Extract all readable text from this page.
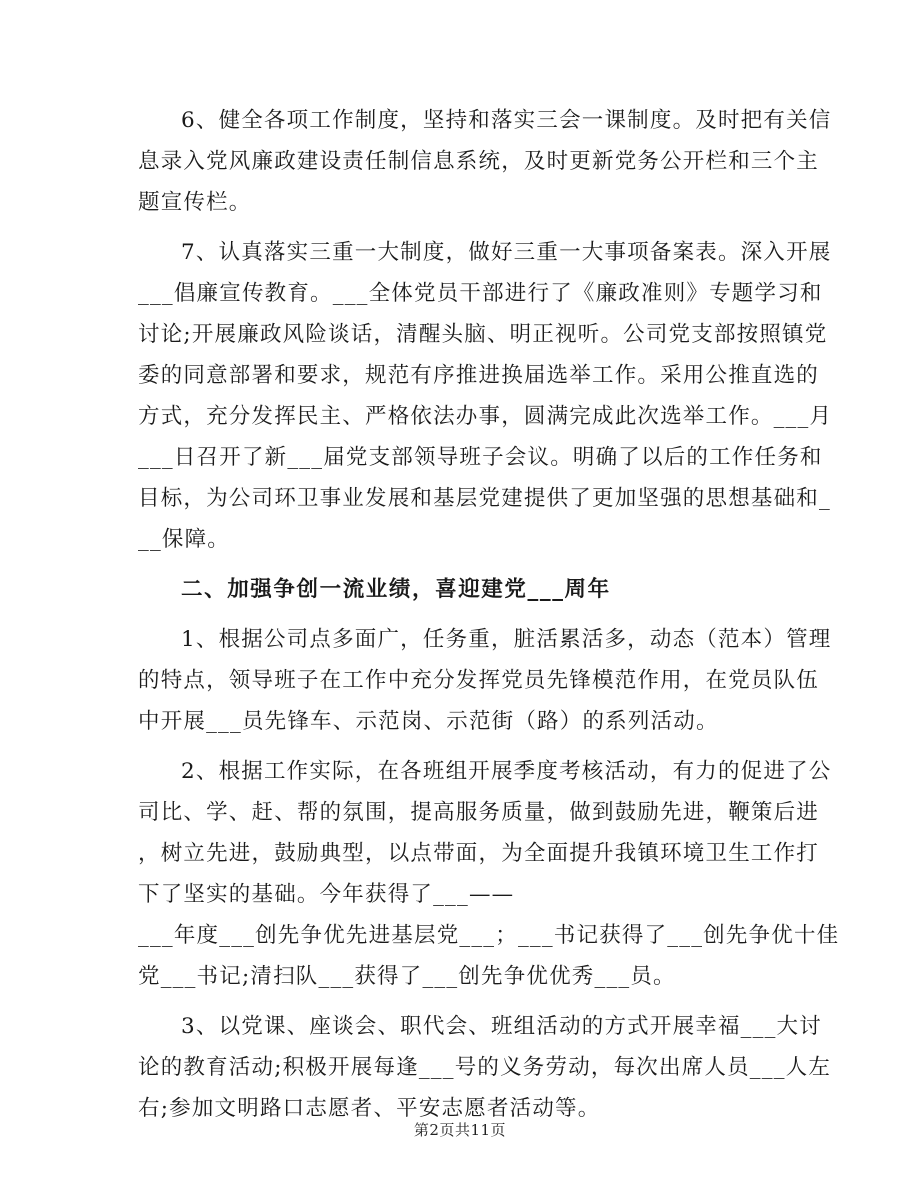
6、健全各项工作制度，坚持和落实三会一课制度。及时把有关信
息录入党风廉政建设责任制信息系统，及时更新党务公开栏和三个主
题宣传栏。
7、认真落实三重一大制度，做好三重一大事项备案表。深入开展
___倡廉宣传教育。___全体党员干部进行了《廉政准则》专题学习和
讨论;开展廉政风险谈话，清醒头脑、明正视听。公司党支部按照镇党
委的同意部署和要求，规范有序推进换届选举工作。采用公推直选的
方式，充分发挥民主、严格依法办事，圆满完成此次选举工作。___月
___日召开了新___届党支部领导班子会议。明确了以后的工作任务和
目标，为公司环卫事业发展和基层党建提供了更加坚强的思想基础和_
__保障。
二、加强争创一流业绩，喜迎建党___周年
1、根据公司点多面广，任务重，脏活累活多，动态（范本）管理
的特点，领导班子在工作中充分发挥党员先锋模范作用，在党员队伍
中开展___员先锋车、示范岗、示范街（路）的系列活动。
2、根据工作实际，在各班组开展季度考核活动，有力的促进了公
司比、学、赶、帮的氛围，提高服务质量，做到鼓励先进，鞭策后进
，树立先进，鼓励典型，以点带面，为全面提升我镇环境卫生工作打
下了坚实的基础。今年获得了___——
___年度___创先争优先进基层党___；___书记获得了___创先争优十佳
党___书记;清扫队___获得了___创先争优优秀___员。
3、以党课、座谈会、职代会、班组活动的方式开展幸福___大讨
论的教育活动;积极开展每逢___号的义务劳动，每次出席人员___人左
右;参加文明路口志愿者、平安志愿者活动等。
第2页共11页
